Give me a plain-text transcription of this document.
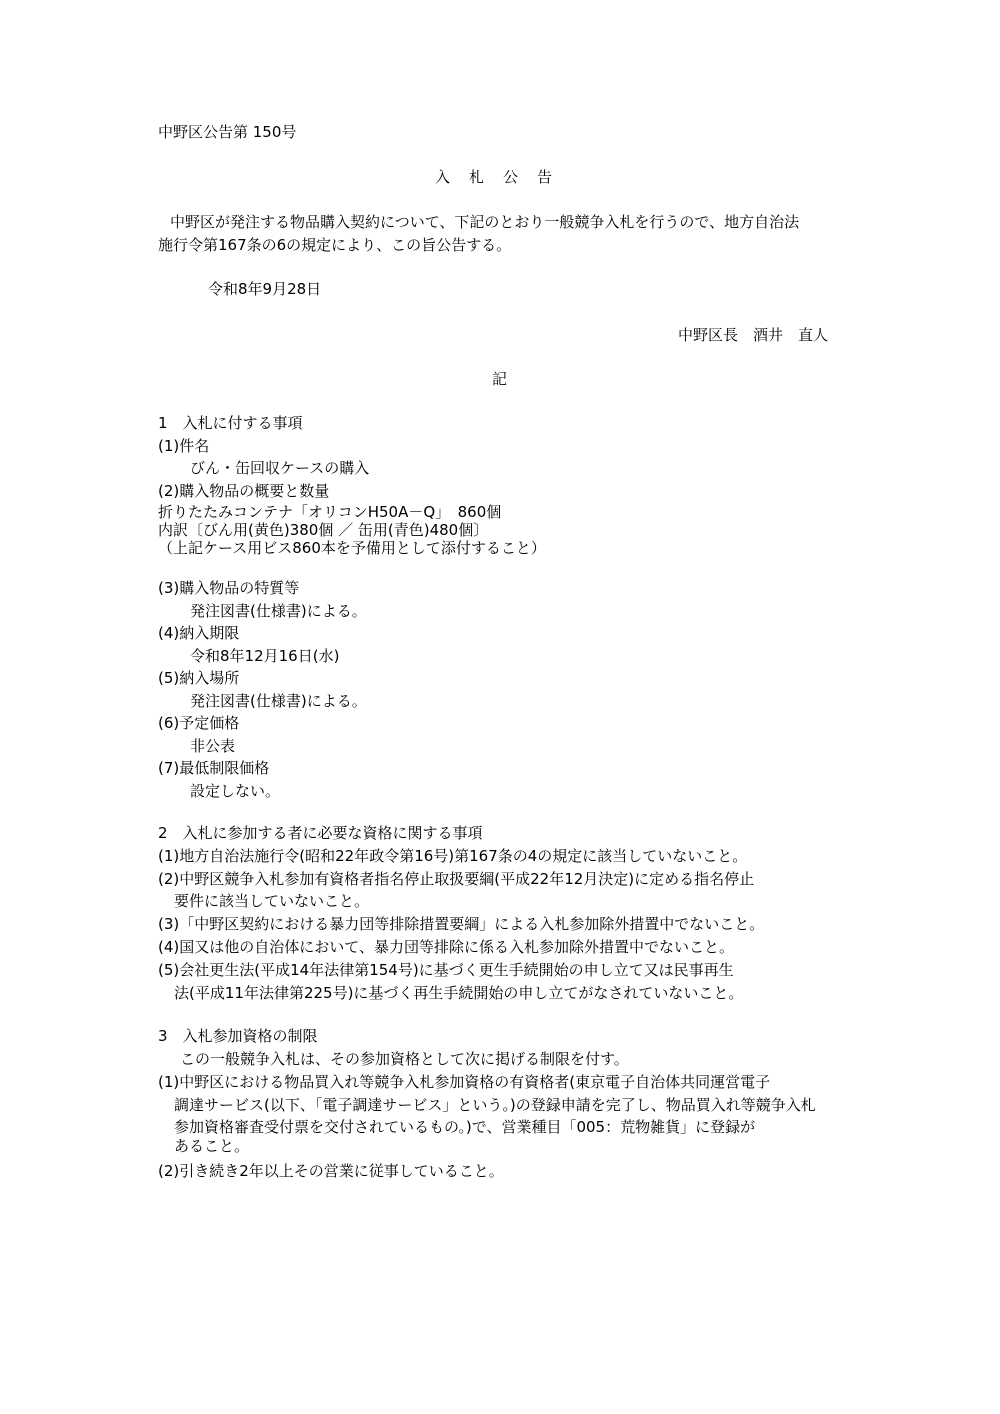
中野区公告第 150号
入　札　公　告
中野区が発注する物品購入契約について、下記のとおり一般競争入札を行うので、地方自治法
施行令第167条の6の規定により、この旨公告する。
令和8年9月28日
中野区長　酒井　直人
記
1　入札に付する事項
(1)件名
びん・缶回収ケースの購入
(2)購入物品の概要と数量
折りたたみコンテナ「オリコンH50A－Q」　860個
内訳〔びん用(黄色)380個 ／ 缶用(青色)480個〕
（上記ケース用ビス860本を予備用として添付すること）
(3)購入物品の特質等
発注図書(仕様書)による。
(4)納入期限
令和8年12月16日(水)
(5)納入場所
発注図書(仕様書)による。
(6)予定価格
非公表
(7)最低制限価格
設定しない。
2　入札に参加する者に必要な資格に関する事項
(1)地方自治法施行令(昭和22年政令第16号)第167条の4の規定に該当していないこと。
(2)中野区競争入札参加有資格者指名停止取扱要綱(平成22年12月決定)に定める指名停止
要件に該当していないこと。
(3)「中野区契約における暴力団等排除措置要綱」による入札参加除外措置中でないこと。
(4)国又は他の自治体において、暴力団等排除に係る入札参加除外措置中でないこと。
(5)会社更生法(平成14年法律第154号)に基づく更生手続開始の申し立て又は民事再生
法(平成11年法律第225号)に基づく再生手続開始の申し立てがなされていないこと。
3　入札参加資格の制限
この一般競争入札は、その参加資格として次に掲げる制限を付す。
(1)中野区における物品買入れ等競争入札参加資格の有資格者(東京電子自治体共同運営電子
調達サービス(以下、「電子調達サービス」という。)の登録申請を完了し、物品買入れ等競争入札
参加資格審査受付票を交付されているもの。)で、営業種目「005：荒物雑貨」に登録が
あること。
(2)引き続き2年以上その営業に従事していること。
